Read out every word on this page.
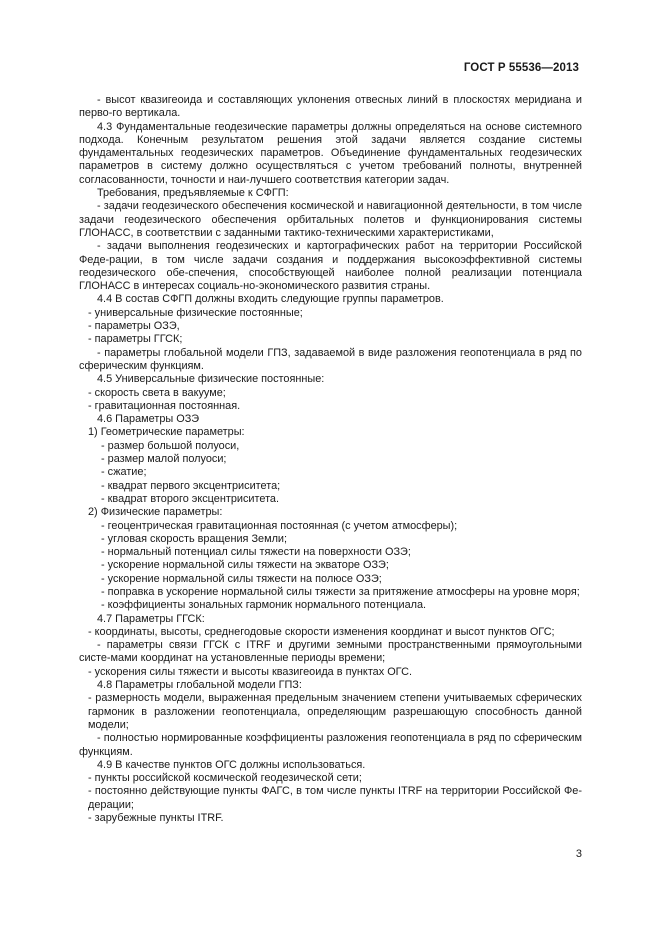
ГОСТ Р 55536—2013
- высот квазигеоида и составляющих уклонения отвесных линий в плоскостях меридиана и перво-го вертикала.
4.3 Фундаментальные геодезические параметры должны определяться на основе системного подхода. Конечным результатом решения этой задачи является создание системы фундаментальных геодезических параметров. Объединение фундаментальных геодезических параметров в систему должно осуществляться с учетом требований полноты, внутренней согласованности, точности и наи-лучшего соответствия категории задач.
Требования, предъявляемые к СФГП:
- задачи геодезического обеспечения космической и навигационной деятельности, в том числе задачи геодезического обеспечения орбитальных полетов и функционирования системы ГЛОНАСС, в соответствии с заданными тактико-техническими характеристиками,
- задачи выполнения геодезических и картографических работ на территории Российской Феде-рации, в том числе задачи создания и поддержания высокоэффективной системы геодезического обе-спечения, способствующей наиболее полной реализации потенциала ГЛОНАСС в интересах социаль-но-экономического развития страны.
4.4 В состав СФГП должны входить следующие группы параметров.
- универсальные физические постоянные;
- параметры ОЗЭ,
- параметры ГГСК;
- параметры глобальной модели ГПЗ, задаваемой в виде разложения геопотенциала в ряд по сферическим функциям.
4.5 Универсальные физические постоянные:
- скорость света в вакууме;
- гравитационная постоянная.
4.6 Параметры ОЗЭ
1) Геометрические параметры:
- размер большой полуоси,
- размер малой полуоси;
- сжатие;
- квадрат первого эксцентриситета;
- квадрат второго эксцентриситета.
2) Физические параметры:
- геоцентрическая гравитационная постоянная (с учетом атмосферы);
- угловая скорость вращения Земли;
- нормальный потенциал силы тяжести на поверхности ОЗЭ;
- ускорение нормальной силы тяжести на экваторе ОЗЭ;
- ускорение нормальной силы тяжести на полюсе ОЗЭ;
- поправка в ускорение нормальной силы тяжести за притяжение атмосферы на уровне моря;
- коэффициенты зональных гармоник нормального потенциала.
4.7 Параметры ГГСК:
- координаты, высоты, среднегодовые скорости изменения координат и высот пунктов ОГС;
- параметры связи ГГСК с ITRF и другими земными пространственными прямоугольными систе-мами координат на установленные периоды времени;
- ускорения силы тяжести и высоты квазигеоида в пунктах ОГС.
4.8 Параметры глобальной модели ГПЗ:
- размерность модели, выраженная предельным значением степени учитываемых сферических гармоник в разложении геопотенциала, определяющим разрешающую способность данной модели;
- полностью нормированные коэффициенты разложения геопотенциала в ряд по сферическим функциям.
4.9 В качестве пунктов ОГС должны использоваться.
- пункты российской космической геодезической сети;
- постоянно действующие пункты ФАГС, в том числе пункты ITRF на территории Российской Фе-дерации;
- зарубежные пункты ITRF.
3
